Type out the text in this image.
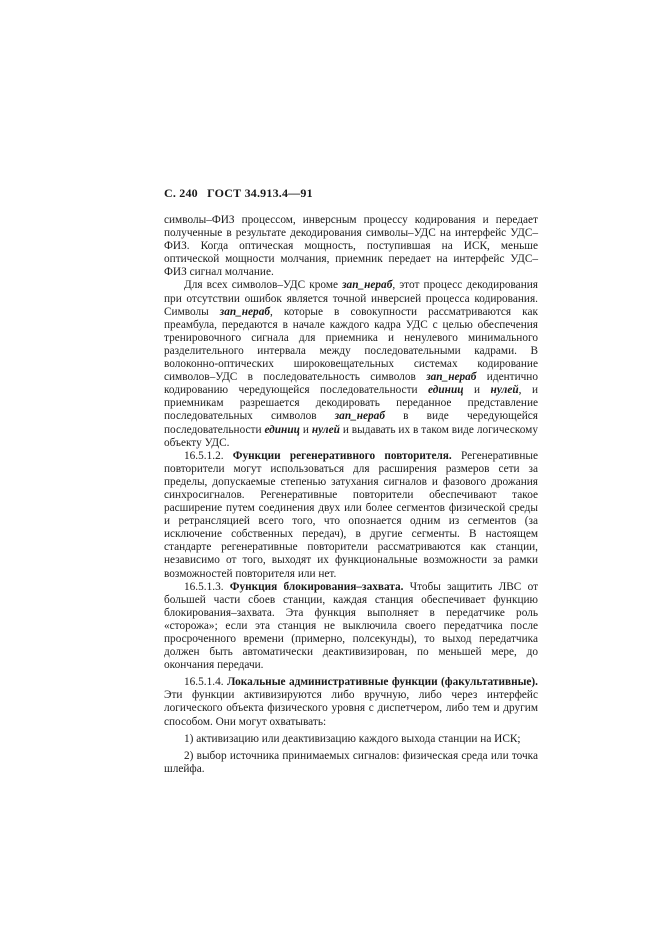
С. 240 ГОСТ 34.913.4—91

символы–ФИЗ процессом, инверсным процессу кодирования и передает полученные в результате декодирования символы–УДС на интерфейс УДС–ФИЗ. Когда оптическая мощность, поступившая на ИСК, меньше оптической мощности молчания, приемник передает на интерфейс УДС–ФИЗ сигнал молчание.

Для всех символов–УДС кроме зап_нераб, этот процесс декодирования при отсутствии ошибок является точной инверсией процесса кодирования. Символы зап_нераб, которые в совокупности рассматриваются как преамбула, передаются в начале каждого кадра УДС с целью обеспечения тренировочного сигнала для приемника и ненулевого минимального разделительного интервала между последовательными кадрами. В волоконно-оптических широковещательных системах кодирование символов–УДС в последовательность символов зап_нераб идентично кодированию чередующейся последовательности единиц и нулей, и приемникам разрешается декодировать переданное представление последовательных символов зап_нераб в виде чередующейся последовательности единиц и нулей и выдавать их в таком виде логическому объекту УДС.

16.5.1.2. Функции регенеративного повторителя. Регенеративные повторители могут использоваться для расширения размеров сети за пределы, допускаемые степенью затухания сигналов и фазового дрожания синхросигналов. Регенеративные повторители обеспечивают такое расширение путем соединения двух или более сегментов физической среды и ретрансляцией всего того, что опознается одним из сегментов (за исключение собственных передач), в другие сегменты. В настоящем стандарте регенеративные повторители рассматриваются как станции, независимо от того, выходят их функциональные возможности за рамки возможностей повторителя или нет.

16.5.1.3. Функция блокирования–захвата. Чтобы защитить ЛВС от большей части сбоев станции, каждая станция обеспечивает функцию блокирования–захвата. Эта функция выполняет в передатчике роль «сторожа»; если эта станция не выключила своего передатчика после просроченного времени (примерно, полсекунды), то выход передатчика должен быть автоматически деактивизирован, по меньшей мере, до окончания передачи.

16.5.1.4. Локальные административные функции (факультативные). Эти функции активизируются либо вручную, либо через интерфейс логического объекта физического уровня с диспетчером, либо тем и другим способом. Они могут охватывать:

1) активизацию или деактивизацию каждого выхода станции на ИСК;

2) выбор источника принимаемых сигналов: физическая среда или точка шлейфа.
